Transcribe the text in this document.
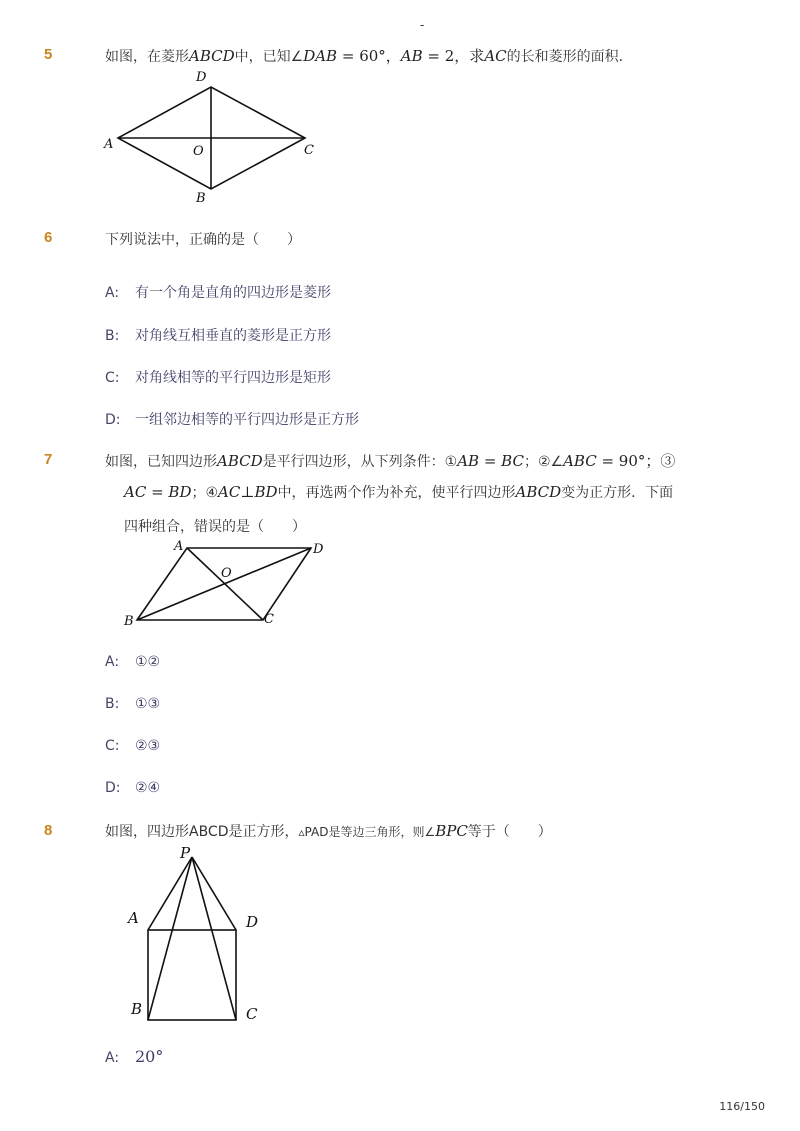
-
5	如图，在菱形ABCD中，已知∠DAB = 60°，AB = 2，求AC的长和菱形的面积．
D
A	O	C
B
6	下列说法中，正确的是（　　）
A: 有一个角是直角的四边形是菱形
B: 对角线互相垂直的菱形是正方形
C: 对角线相等的平行四边形是矩形
D: 一组邻边相等的平行四边形是正方形
7	如图，已知四边形ABCD是平行四边形，从下列条件：①AB = BC；②∠ABC = 90°；③
AC = BD；④AC⊥BD中，再选两个作为补充，使平行四边形ABCD变为正方形．下面
四种组合，错误的是（　　）
A	D
O
B	C
A: ①②
B: ①③
C: ②③
D: ②④
8	如图，四边形ABCD是正方形，▵PAD是等边三角形，则∠BPC等于（　　）
P
A	D
B	C
A: 20°
116/150
